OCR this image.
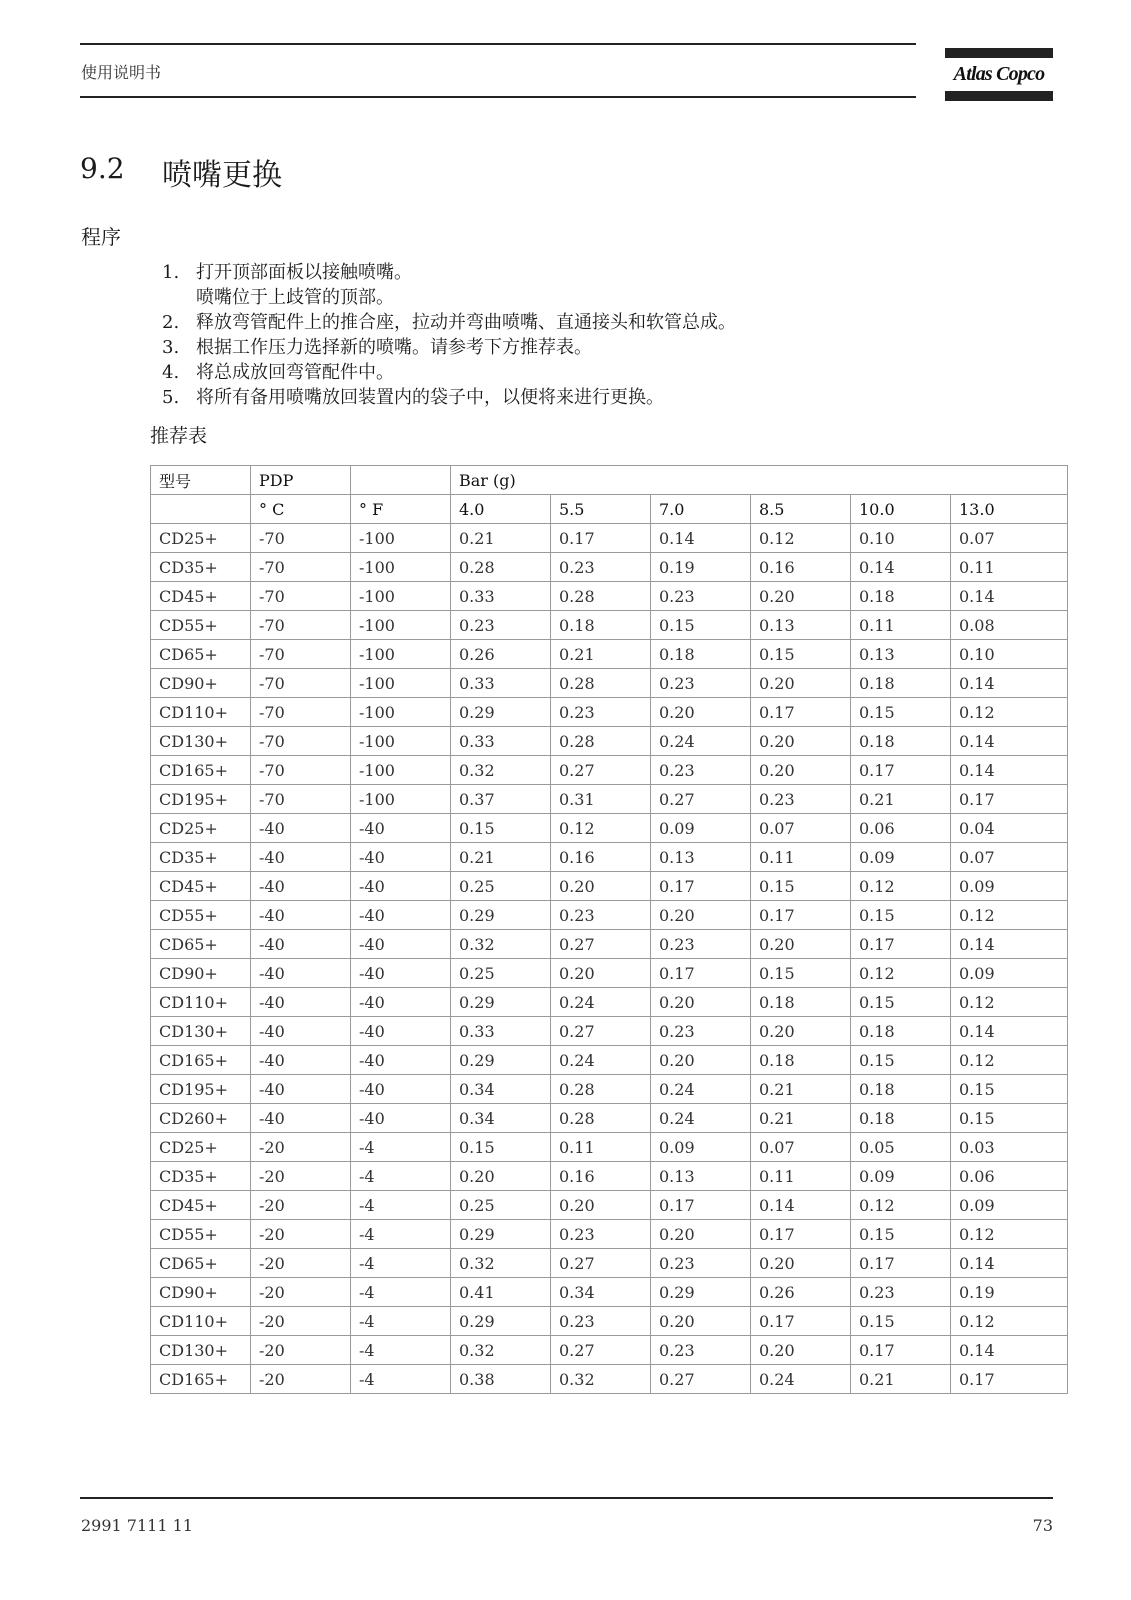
使用说明书	Atlas Copco
9.2 喷嘴更换
程序
1. 打开顶部面板以接触喷嘴。
喷嘴位于上歧管的顶部。
2. 释放弯管配件上的推合座，拉动并弯曲喷嘴、直通接头和软管总成。
3. 根据工作压力选择新的喷嘴。请参考下方推荐表。
4. 将总成放回弯管配件中。
5. 将所有备用喷嘴放回装置内的袋子中，以便将来进行更换。
推荐表
型号	PDP		Bar (g)					
	° C	° F	4.0	5.5	7.0	8.5	10.0	13.0
CD25+	-70	-100	0.21	0.17	0.14	0.12	0.10	0.07
CD35+	-70	-100	0.28	0.23	0.19	0.16	0.14	0.11
CD45+	-70	-100	0.33	0.28	0.23	0.20	0.18	0.14
CD55+	-70	-100	0.23	0.18	0.15	0.13	0.11	0.08
CD65+	-70	-100	0.26	0.21	0.18	0.15	0.13	0.10
CD90+	-70	-100	0.33	0.28	0.23	0.20	0.18	0.14
CD110+	-70	-100	0.29	0.23	0.20	0.17	0.15	0.12
CD130+	-70	-100	0.33	0.28	0.24	0.20	0.18	0.14
CD165+	-70	-100	0.32	0.27	0.23	0.20	0.17	0.14
CD195+	-70	-100	0.37	0.31	0.27	0.23	0.21	0.17
CD25+	-40	-40	0.15	0.12	0.09	0.07	0.06	0.04
CD35+	-40	-40	0.21	0.16	0.13	0.11	0.09	0.07
CD45+	-40	-40	0.25	0.20	0.17	0.15	0.12	0.09
CD55+	-40	-40	0.29	0.23	0.20	0.17	0.15	0.12
CD65+	-40	-40	0.32	0.27	0.23	0.20	0.17	0.14
CD90+	-40	-40	0.25	0.20	0.17	0.15	0.12	0.09
CD110+	-40	-40	0.29	0.24	0.20	0.18	0.15	0.12
CD130+	-40	-40	0.33	0.27	0.23	0.20	0.18	0.14
CD165+	-40	-40	0.29	0.24	0.20	0.18	0.15	0.12
CD195+	-40	-40	0.34	0.28	0.24	0.21	0.18	0.15
CD260+	-40	-40	0.34	0.28	0.24	0.21	0.18	0.15
CD25+	-20	-4	0.15	0.11	0.09	0.07	0.05	0.03
CD35+	-20	-4	0.20	0.16	0.13	0.11	0.09	0.06
CD45+	-20	-4	0.25	0.20	0.17	0.14	0.12	0.09
CD55+	-20	-4	0.29	0.23	0.20	0.17	0.15	0.12
CD65+	-20	-4	0.32	0.27	0.23	0.20	0.17	0.14
CD90+	-20	-4	0.41	0.34	0.29	0.26	0.23	0.19
CD110+	-20	-4	0.29	0.23	0.20	0.17	0.15	0.12
CD130+	-20	-4	0.32	0.27	0.23	0.20	0.17	0.14
CD165+	-20	-4	0.38	0.32	0.27	0.24	0.21	0.17
2991 7111 11	73
